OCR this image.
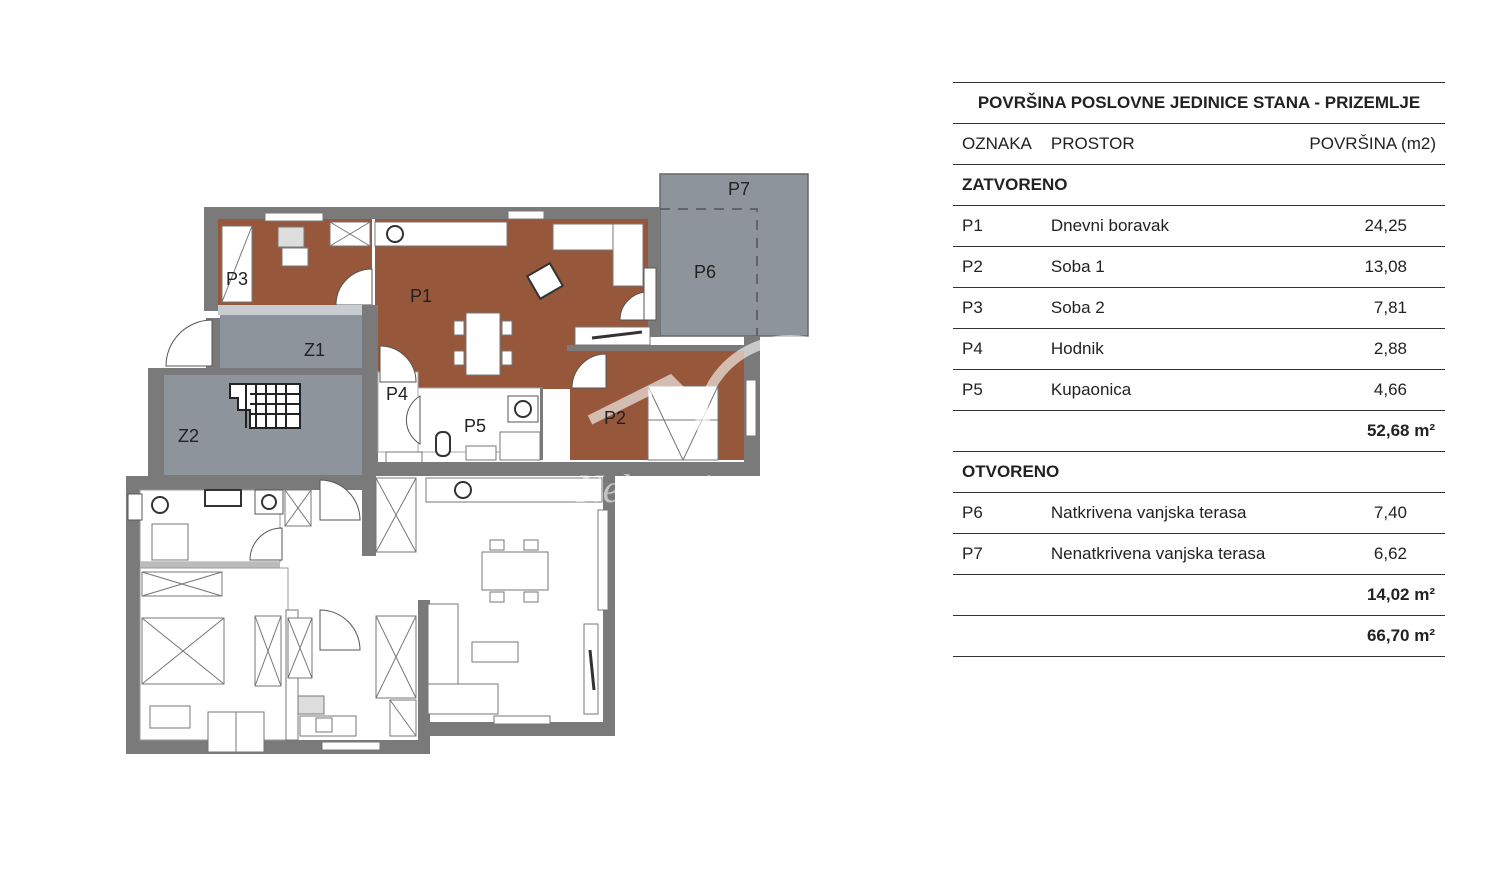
P1
P2
P3
P4
P5
P6
P7
Z1
Z2
Nekretnine Omega
POVRŠINA POSLOVNE JEDINICE STANA - PRIZEMLJE		
OZNAKA	PROSTOR	POVRŠINA (m2)
ZATVORENO		
P1	Dnevni boravak	24,25
P2	Soba 1	13,08
P3	Soba 2	7,81
P4	Hodnik	2,88
P5	Kupaonica	4,66
		52,68 m²
OTVORENO		
P6	Natkrivena vanjska terasa	7,40
P7	Nenatkrivena vanjska terasa	6,62
		14,02 m²
		66,70 m²
